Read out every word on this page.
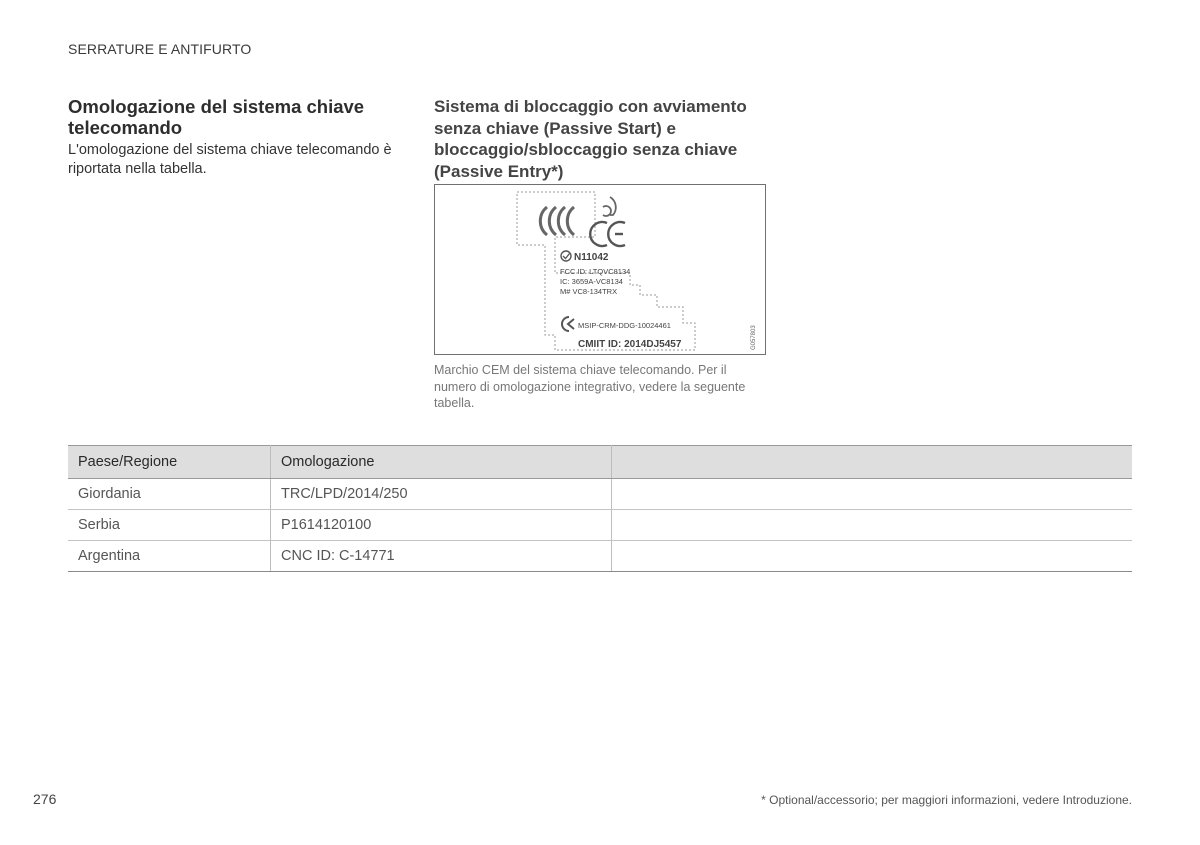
SERRATURE E ANTIFURTO
Omologazione del sistema chiave telecomando

L'omologazione del sistema chiave telecomando è riportata nella tabella.

Sistema di bloccaggio con avviamento senza chiave (Passive Start) e bloccaggio/sbloccaggio senza chiave (Passive Entry*)
N11042
FCC ID: LTQVC8134
IC: 3659A-VC8134
M# VC8-134TRX
MSIP-CRM-DDG-10024461
CMIIT ID: 2014DJ5457	G057803

Marchio CEM del sistema chiave telecomando. Per il numero di omologazione integrativo, vedere la seguente tabella.

Paese/Regione	Omologazione	
Giordania	TRC/LPD/2014/250	
Serbia	P1614120100	
Argentina	CNC ID: C-14771	
276	* Optional/accessorio; per maggiori informazioni, vedere Introduzione.
